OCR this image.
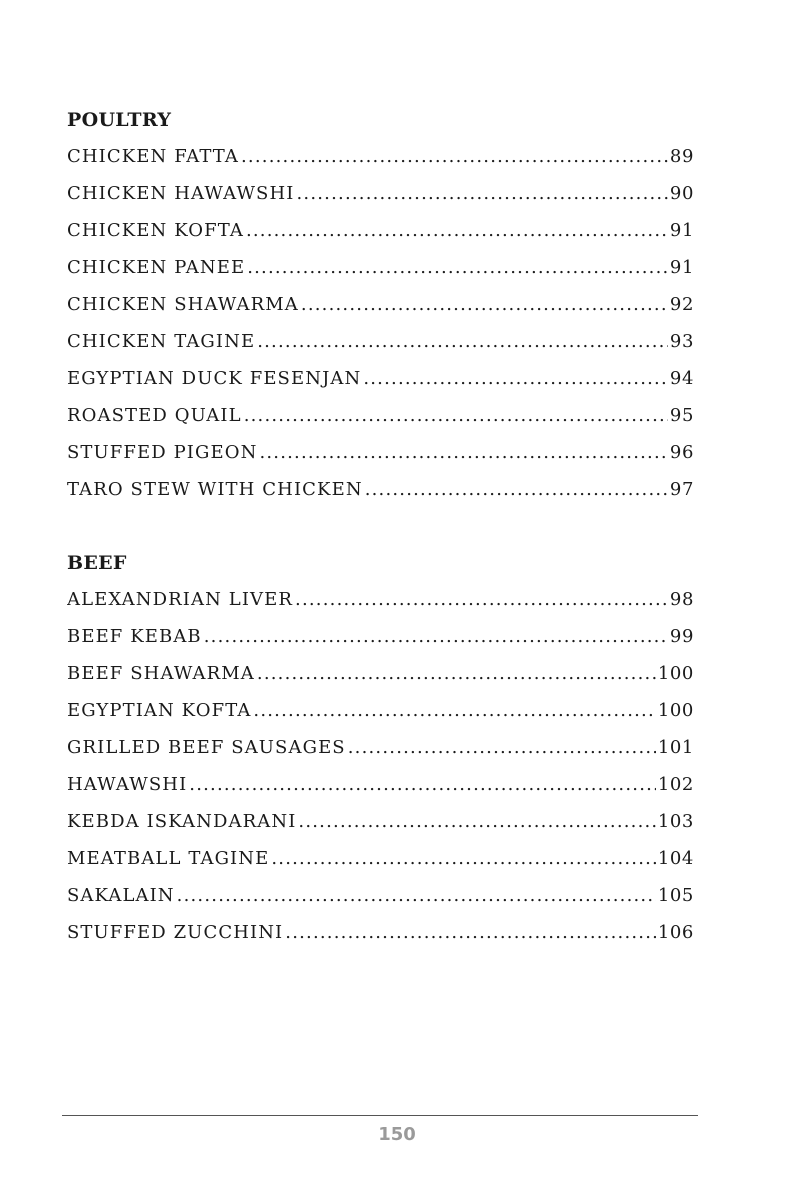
POULTRY
CHICKEN FATTA .....	89
CHICKEN HAWAWSHI .....	90
CHICKEN KOFTA .....	91
CHICKEN PANEE .....	91
CHICKEN SHAWARMA .....	92
CHICKEN TAGINE .....	93
EGYPTIAN DUCK FESENJAN .....	94
ROASTED QUAIL .....	95
STUFFED PIGEON .....	96
TARO STEW WITH CHICKEN .....	97
BEEF
ALEXANDRIAN LIVER .....	98
BEEF KEBAB .....	99
BEEF SHAWARMA .....	100
EGYPTIAN KOFTA .....	100
GRILLED BEEF SAUSAGES .....	101
HAWAWSHI .....	102
KEBDA ISKANDARANI .....	103
MEATBALL TAGINE .....	104
SAKALAIN .....	105
STUFFED ZUCCHINI .....	106
150
